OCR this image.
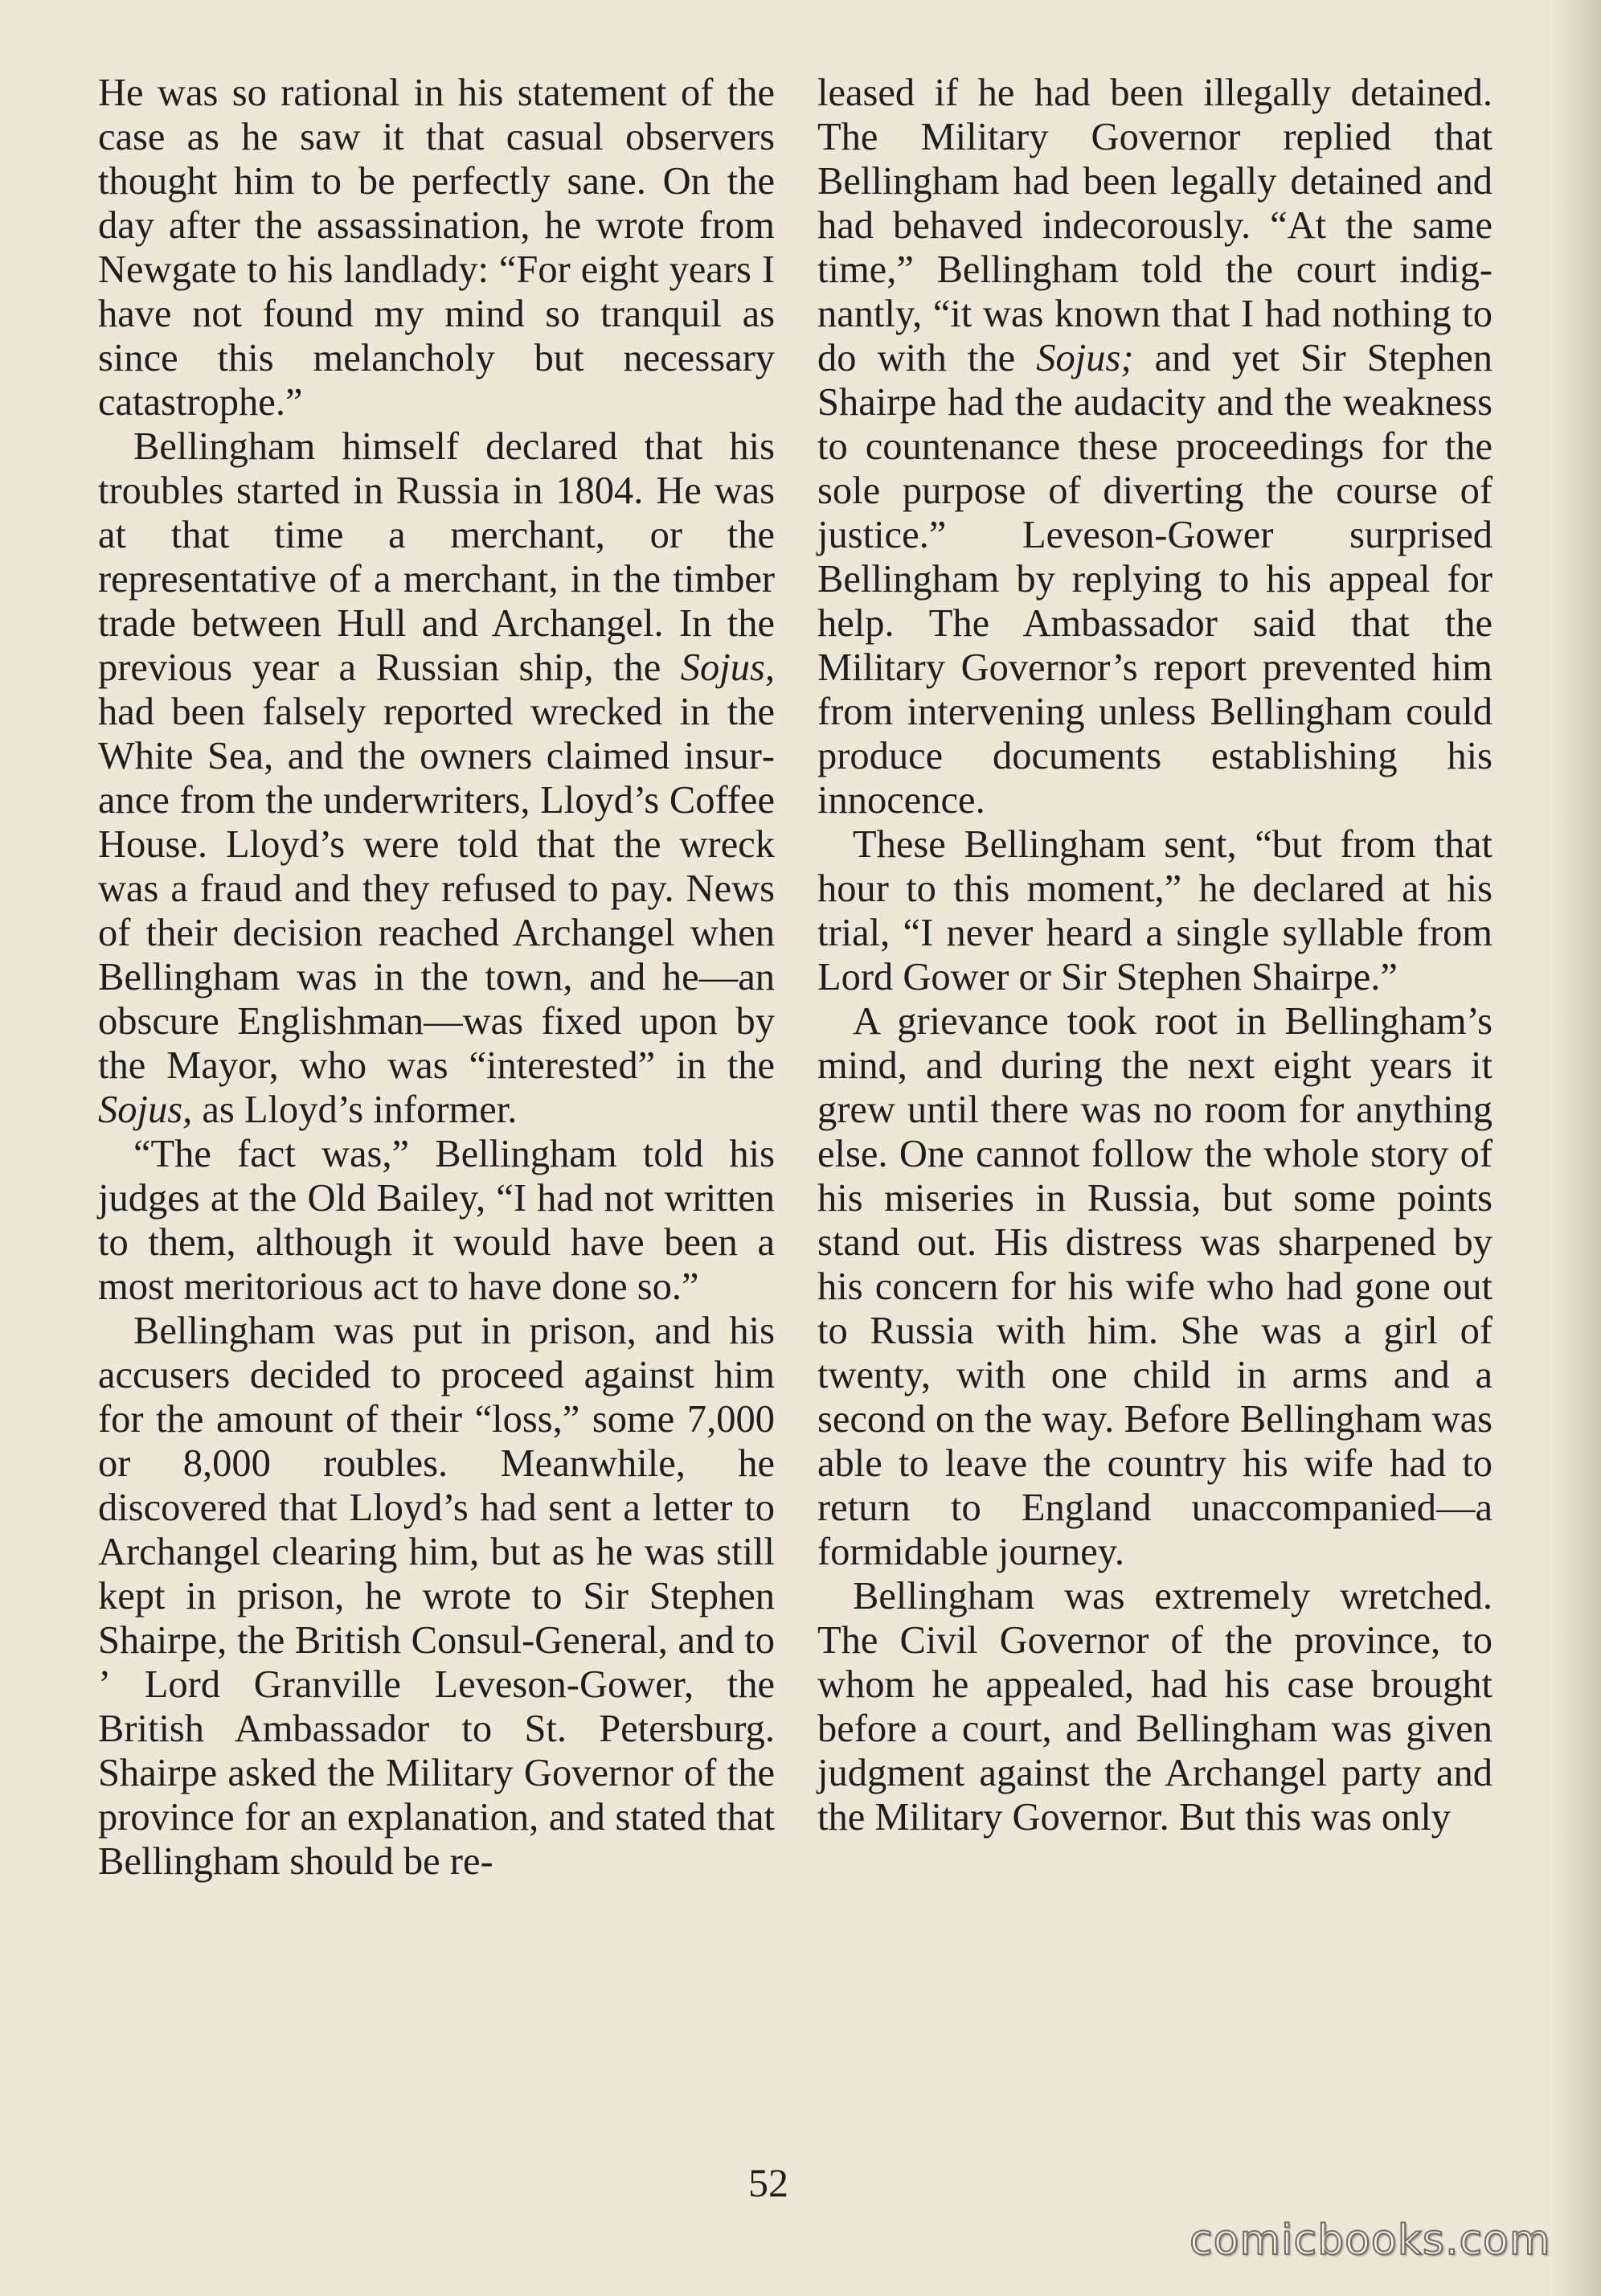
He was so rational in his statement of the case as he saw it that casual observers thought him to be perfectly sane. On the day after the assassination, he wrote from Newgate to his landlady: “For eight years I have not found my mind so tranquil as since this melancholy but necessary catastrophe.”

Bellingham himself declared that his troubles started in Russia in 1804. He was at that time a merchant, or the representative of a merchant, in the timber trade between Hull and Archangel. In the previous year a Russian ship, the Sojus, had been falsely reported wrecked in the White Sea, and the owners claimed insurance from the underwriters, Lloyd’s Coffee House. Lloyd’s were told that the wreck was a fraud and they refused to pay. News of their decision reached Archangel when Bellingham was in the town, and he—an obscure Englishman—was fixed upon by the Mayor, who was “interested” in the Sojus, as Lloyd’s informer.

“The fact was,” Bellingham told his judges at the Old Bailey, “I had not written to them, although it would have been a most meritorious act to have done so.”

Bellingham was put in prison, and his accusers decided to proceed against him for the amount of their “loss,” some 7,000 or 8,000 roubles. Meanwhile, he discovered that Lloyd’s had sent a letter to Archangel clearing him, but as he was still kept in prison, he wrote to Sir Stephen Shairpe, the British Consul-General, and to ʼ Lord Granville Leveson-Gower, the British Ambassador to St. Petersburg. Shairpe asked the Military Governor of the province for an explanation, and stated that Bellingham should be re-

leased if he had been illegally detained. The Military Governor replied that Bellingham had been legally detained and had behaved indecorously. “At the same time,” Bellingham told the court indignantly, “it was known that I had nothing to do with the Sojus; and yet Sir Stephen Shairpe had the audacity and the weakness to countenance these proceedings for the sole purpose of diverting the course of justice.” Leveson-Gower surprised Bellingham by replying to his appeal for help. The Ambassador said that the Military Governor’s report prevented him from intervening unless Bellingham could produce documents establishing his innocence.

These Bellingham sent, “but from that hour to this moment,” he declared at his trial, “I never heard a single syllable from Lord Gower or Sir Stephen Shairpe.”

A grievance took root in Bellingham’s mind, and during the next eight years it grew until there was no room for anything else. One cannot follow the whole story of his miseries in Russia, but some points stand out. His distress was sharpened by his concern for his wife who had gone out to Russia with him. She was a girl of twenty, with one child in arms and a second on the way. Before Bellingham was able to leave the country his wife had to return to England unaccompanied—a formidable journey.

Bellingham was extremely wretched. The Civil Governor of the province, to whom he appealed, had his case brought before a court, and Bellingham was given judgment against the Archangel party and the Military Governor. But this was only

52
comicbooks.com
